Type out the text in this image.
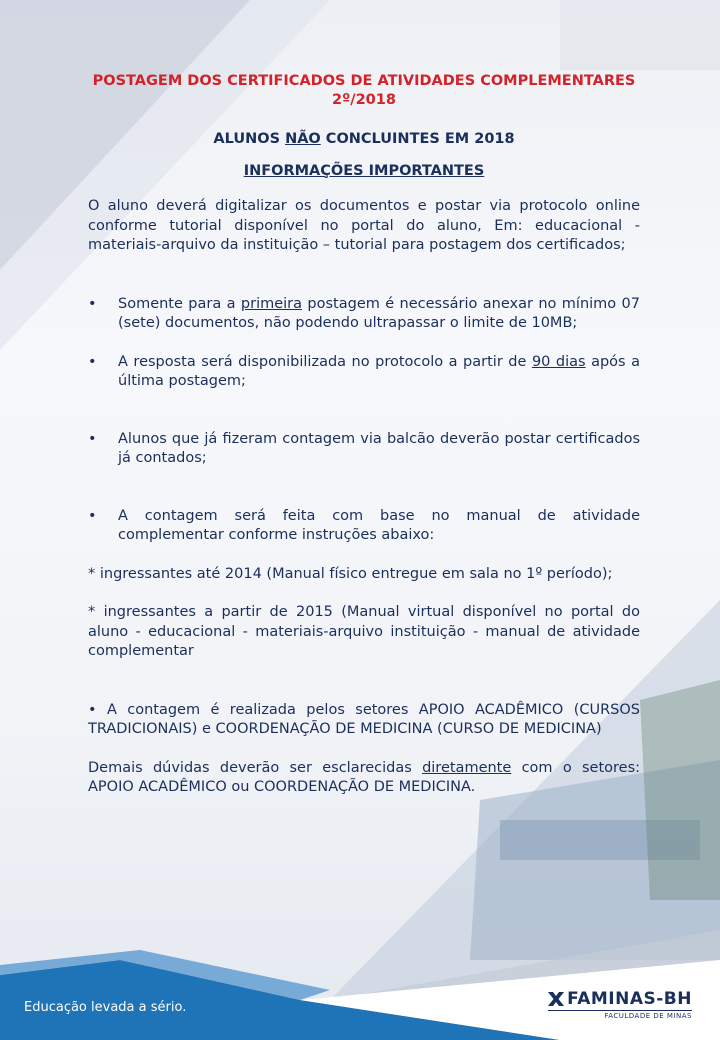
POSTAGEM DOS CERTIFICADOS DE ATIVIDADES COMPLEMENTARES
2º/2018

ALUNOS NÃO CONCLUINTES EM 2018

INFORMAÇÕES IMPORTANTES

O aluno deverá digitalizar os documentos e postar via protocolo online conforme tutorial disponível no portal do aluno, Em: educacional - materiais-arquivo da instituição – tutorial para postagem dos certificados;

• Somente para a primeira postagem é necessário anexar no mínimo 07 (sete) documentos, não podendo ultrapassar o limite de 10MB;
• A resposta será disponibilizada no protocolo a partir de 90 dias após a última postagem;
• Alunos que já fizeram contagem via balcão deverão postar certificados já contados;
• A contagem será feita com base no manual de atividade complementar conforme instruções abaixo:

* ingressantes até 2014 (Manual físico entregue em sala no 1º período);

* ingressantes a partir de 2015 (Manual virtual disponível no portal do aluno - educacional - materiais-arquivo instituição - manual de atividade complementar

• A contagem é realizada pelos setores APOIO ACADÊMICO (CURSOS TRADICIONAIS) e COORDENAÇÃO DE MEDICINA (CURSO DE MEDICINA)

Demais dúvidas deverão ser esclarecidas diretamente com o setores: APOIO ACADÊMICO ou COORDENAÇÃO DE MEDICINA.

Educação levada a sério.	FAMINAS-BH
FACULDADE DE MINAS
